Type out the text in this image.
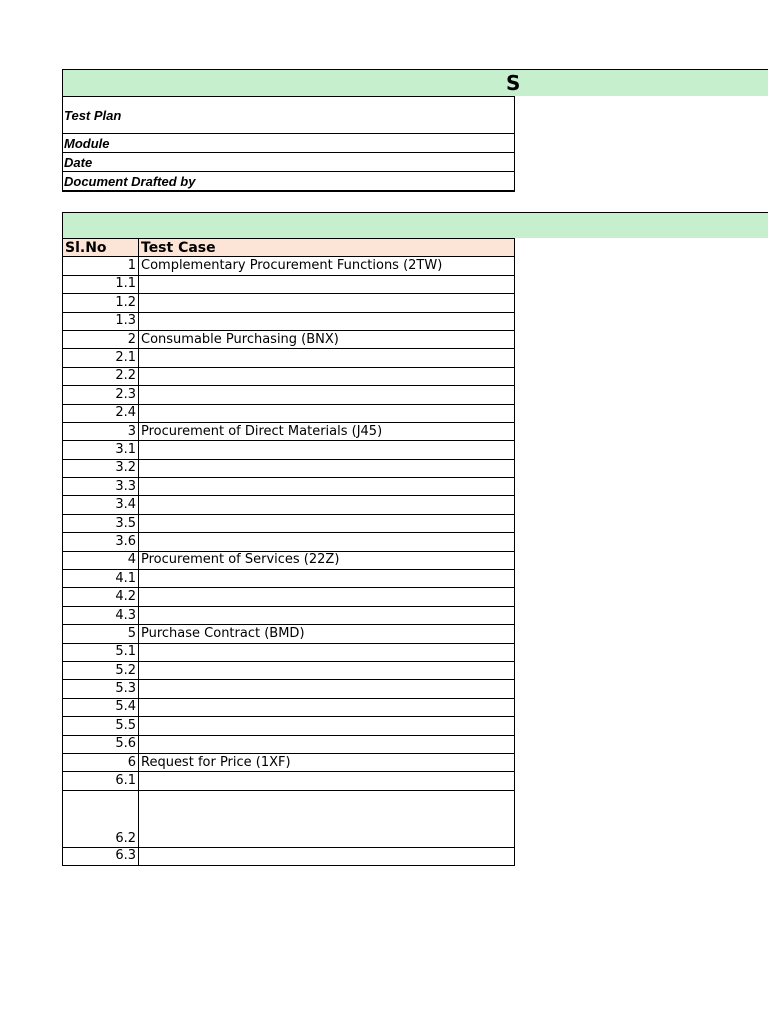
S
Test Plan
Module
Date
Document Drafted by
Sl.No	Test Case
1	Complementary Procurement Functions (2TW)
1.1	
1.2	
1.3	
2	Consumable Purchasing (BNX)
2.1	
2.2	
2.3	
2.4	
3	Procurement of Direct Materials (J45)
3.1	
3.2	
3.3	
3.4	
3.5	
3.6	
4	Procurement of Services (22Z)
4.1	
4.2	
4.3	
5	Purchase Contract (BMD)
5.1	
5.2	
5.3	
5.4	
5.5	
5.6	
6	Request for Price (1XF)
6.1	
6.2	
6.3	
